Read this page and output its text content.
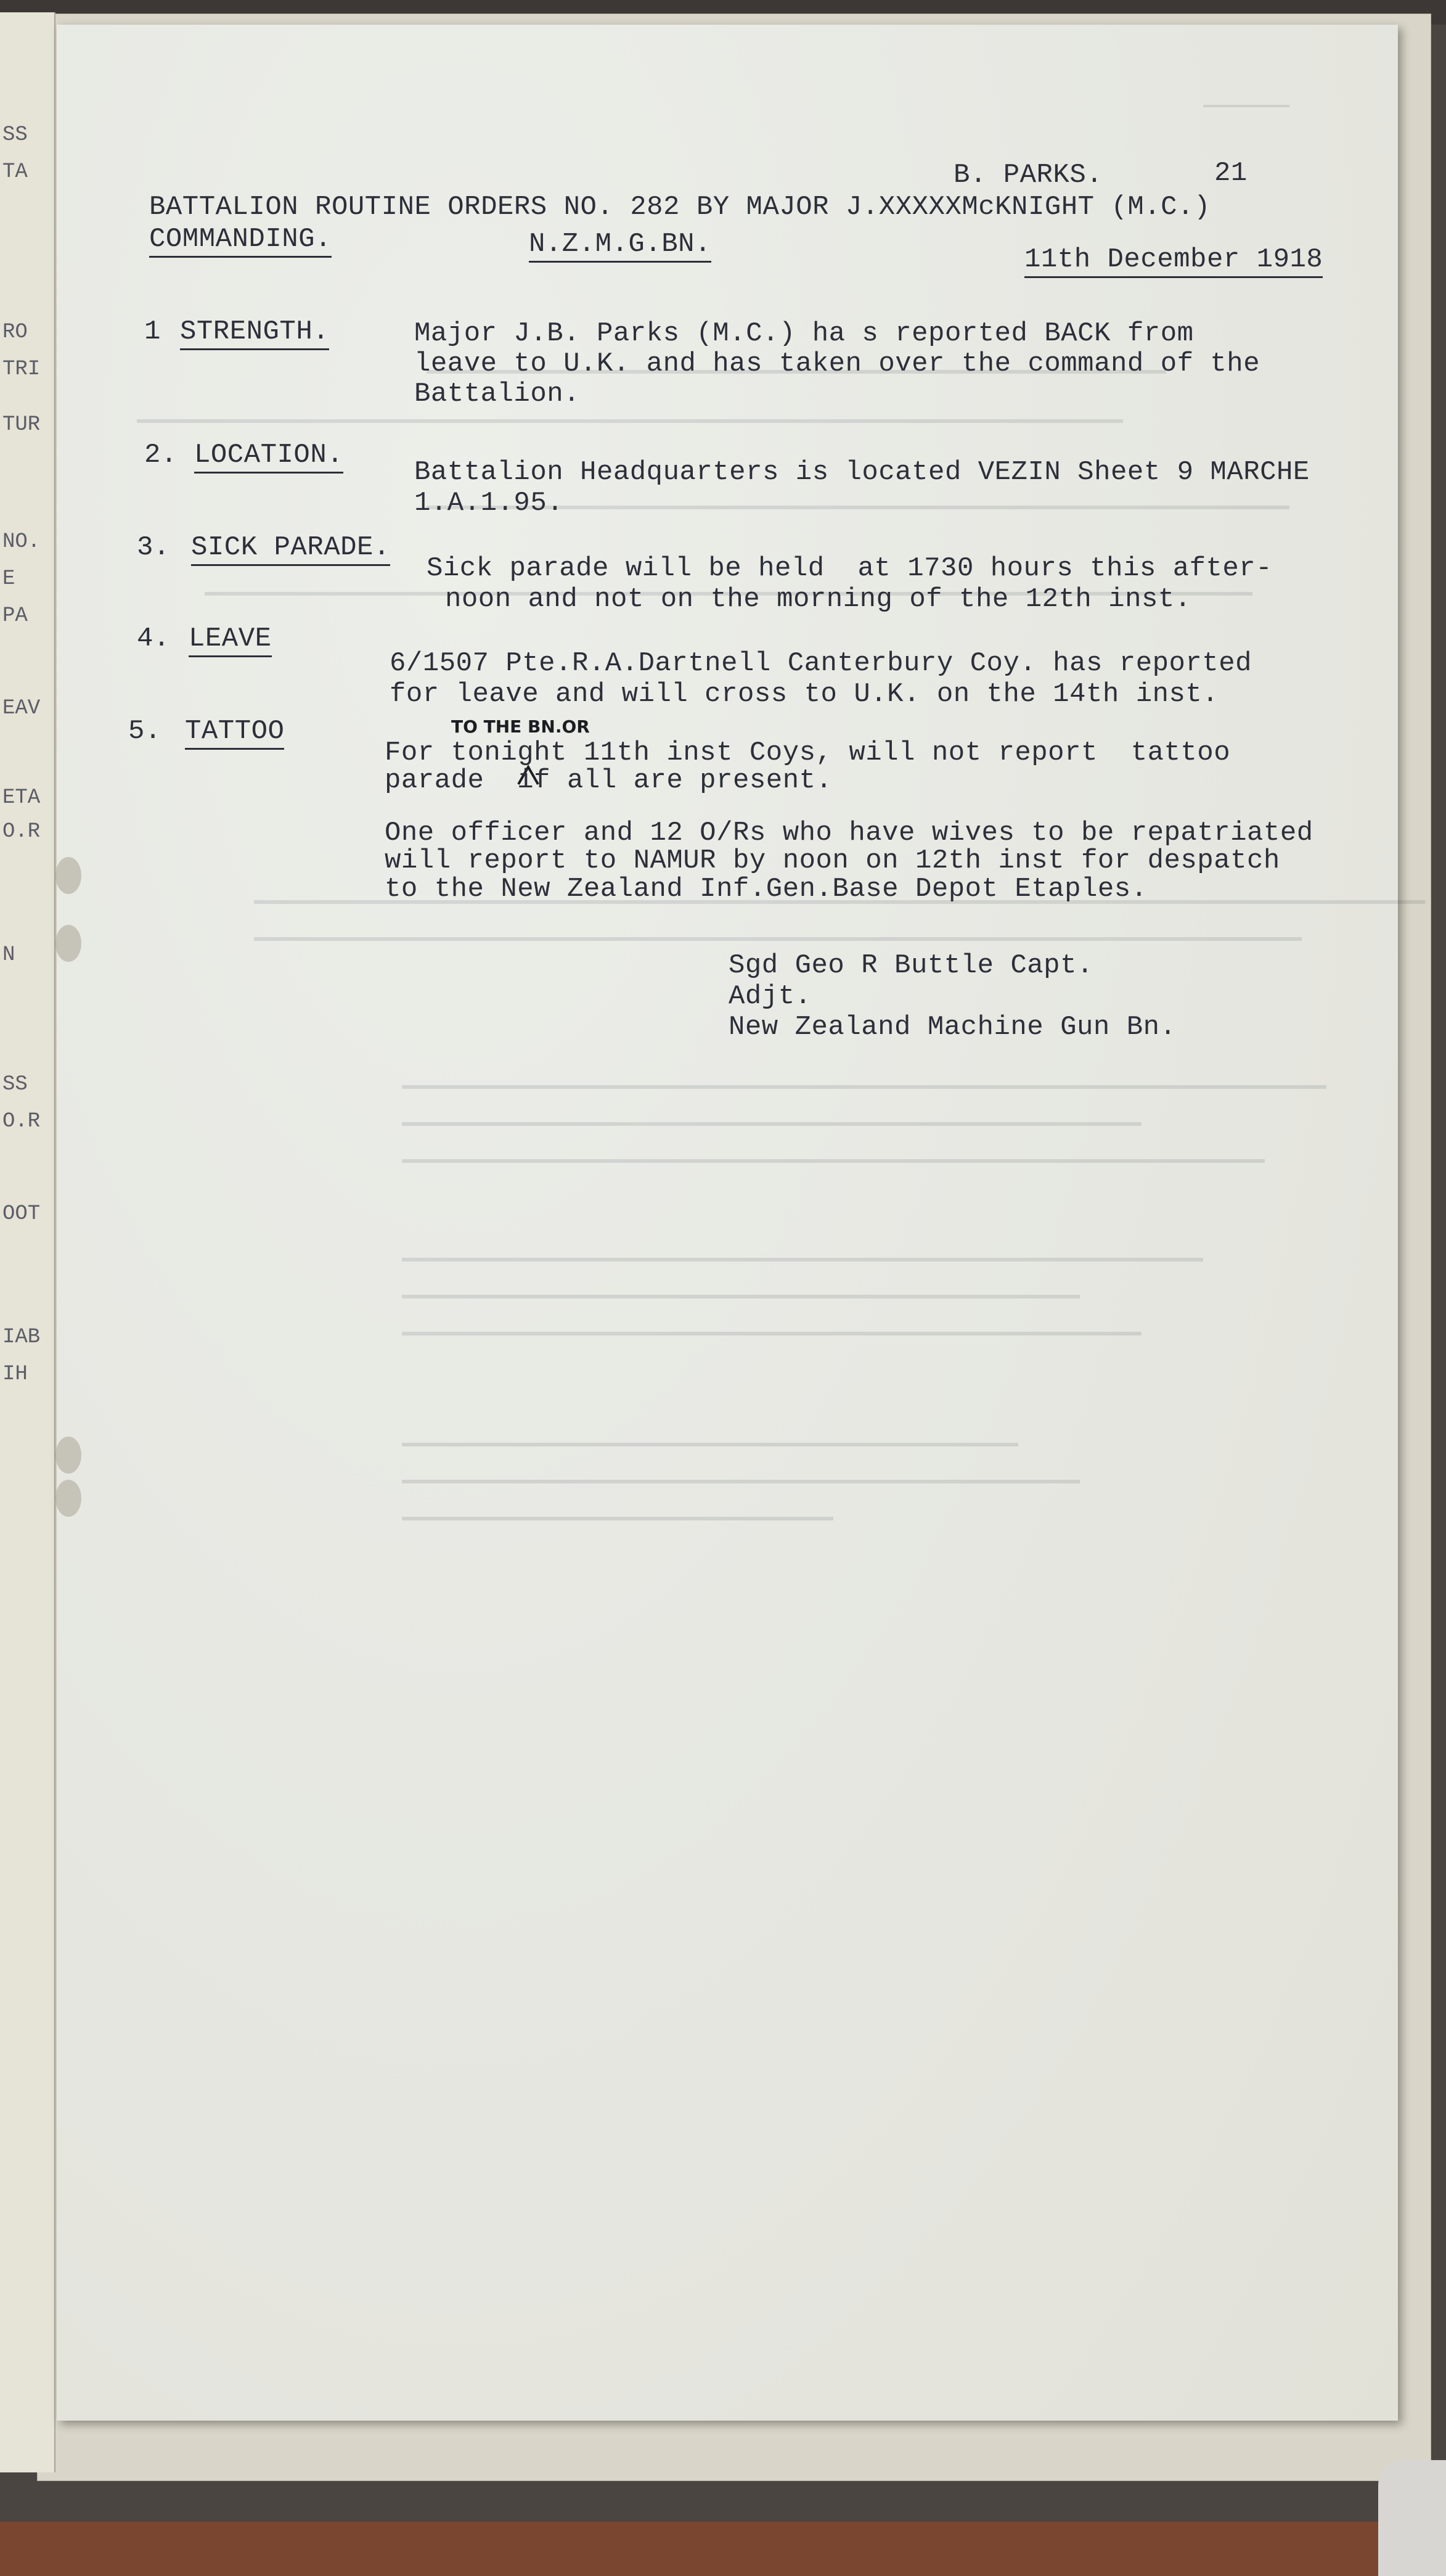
SS
TA
RO
TRI
TUR
NO.
E
PA
EAV
ETA
O.R
N
SS
O.R
OOT
IAB
IH
B. PARKS.	21
BATTALION ROUTINE ORDERS NO. 282 BY MAJOR J.XXXXXMcKNIGHT (M.C.)
COMMANDING.	N.Z.M.G.BN.	11th December 1918
1 STRENGTH.	Major J.B. Parks (M.C.) ha s reported BACK from
leave to U.K. and has taken over the command of the
Battalion.
2. LOCATION.
Battalion Headquarters is located VEZIN Sheet 9 MARCHE
1.A.1.95.
3. SICK PARADE.
Sick parade will be held  at 1730 hours this after-
noon and not on the morning of the 12th inst.
4. LEAVE
6/1507 Pte.R.A.Dartnell Canterbury Coy. has reported
for leave and will cross to U.K. on the 14th inst.
5. TATTOO	TO THE BN.OR
For tonight 11th inst Coys, will not report  tattoo
parade  if all are present.
One officer and 12 O/Rs who have wives to be repatriated
will report to NAMUR by noon on 12th inst for despatch
to the New Zealand Inf.Gen.Base Depot Etaples.
Sgd Geo R Buttle Capt.
Adjt.
New Zealand Machine Gun Bn.
